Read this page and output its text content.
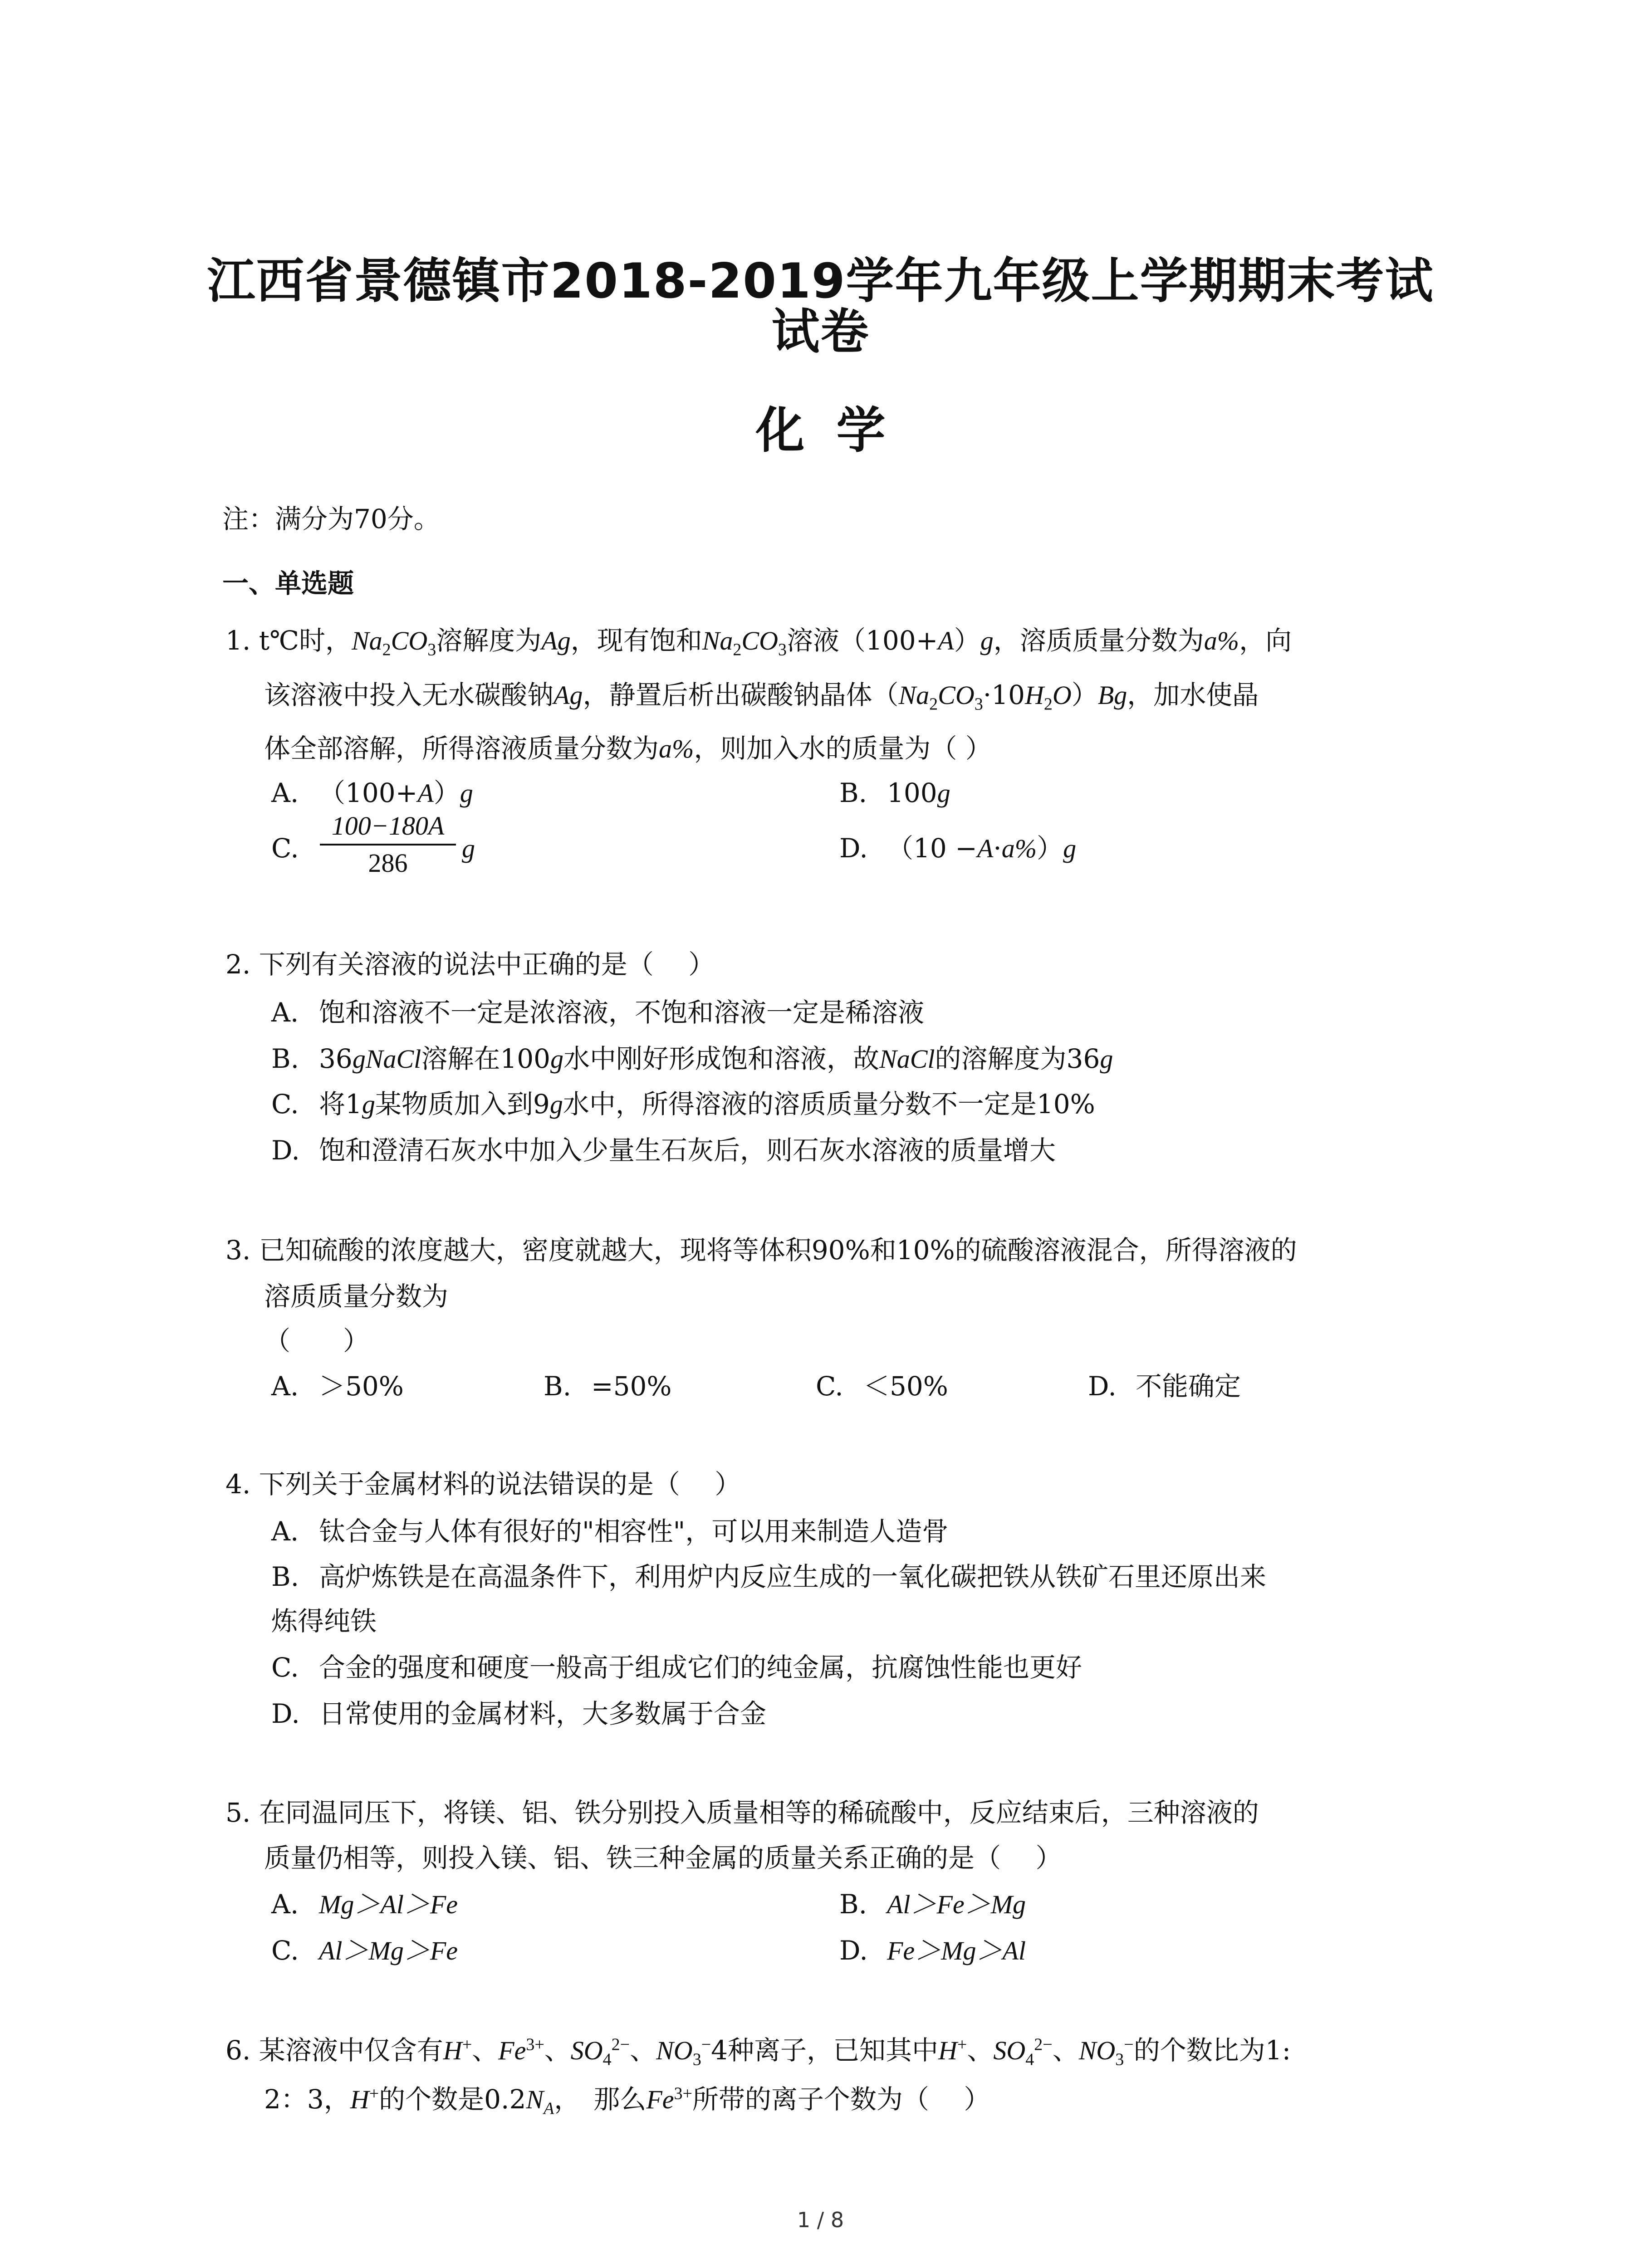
江西省景德镇市2018-2019学年九年级上学期期末考试
试卷
化学
注：满分为70分。
一、单选题
1. t℃时，$Na_2CO_3$溶解度为Ag，现有饱和$Na_2CO_3$溶液（100+A）g，溶质质量分数为a%，向
该溶液中投入无水碳酸钠Ag，静置后析出碳酸钠晶体$(Na_2CO_3\cdot 10H_2O)Bg$，加水使晶
体全部溶解，所得溶液质量分数为a%，则加入水的质量为（ ）
A. （100+A）g	B. 100g
C.
100−180A
286	g	D. （10 −A·a%）g
2. 下列有关溶液的说法中正确的是（　 ）
A. 饱和溶液不一定是浓溶液，不饱和溶液一定是稀溶液
B. 36gNaCl溶解在100g水中刚好形成饱和溶液，故NaCl的溶解度为36g
C. 将1g某物质加入到9g水中，所得溶液的溶质质量分数不一定是10%
D. 饱和澄清石灰水中加入少量生石灰后，则石灰水溶液的质量增大
3. 已知硫酸的浓度越大，密度就越大，现将等体积90%和10%的硫酸溶液混合，所得溶液的
溶质质量分数为
（　　）
A. ＞50%	B. =50%	C. ＜50%	D. 不能确定
4. 下列关于金属材料的说法错误的是（　 ）
A. 钛合金与人体有很好的"相容性"，可以用来制造人造骨
B. 高炉炼铁是在高温条件下，利用炉内反应生成的一氧化碳把铁从铁矿石里还原出来
炼得纯铁
C. 合金的强度和硬度一般高于组成它们的纯金属，抗腐蚀性能也更好
D. 日常使用的金属材料，大多数属于合金
5. 在同温同压下，将镁、铝、铁分别投入质量相等的稀硫酸中，反应结束后，三种溶液的
质量仍相等，则投入镁、铝、铁三种金属的质量关系正确的是（　 ）
A. Mg＞Al＞Fe	B. Al＞Fe＞Mg
C. Al＞Mg＞Fe	D. Fe＞Mg＞Al
6. 某溶液中仅含有H+、$Fe^{3+}$、$SO_4^{2-}$、$NO_3^-4$种离子，已知其中H+、$SO_4^{2-}$、$NO_3^-$的个数比为1:
2：3，H+的个数是$0.2N_A$，　那么$Fe^{3+}$所带的离子个数为（　 ）
1 / 8
